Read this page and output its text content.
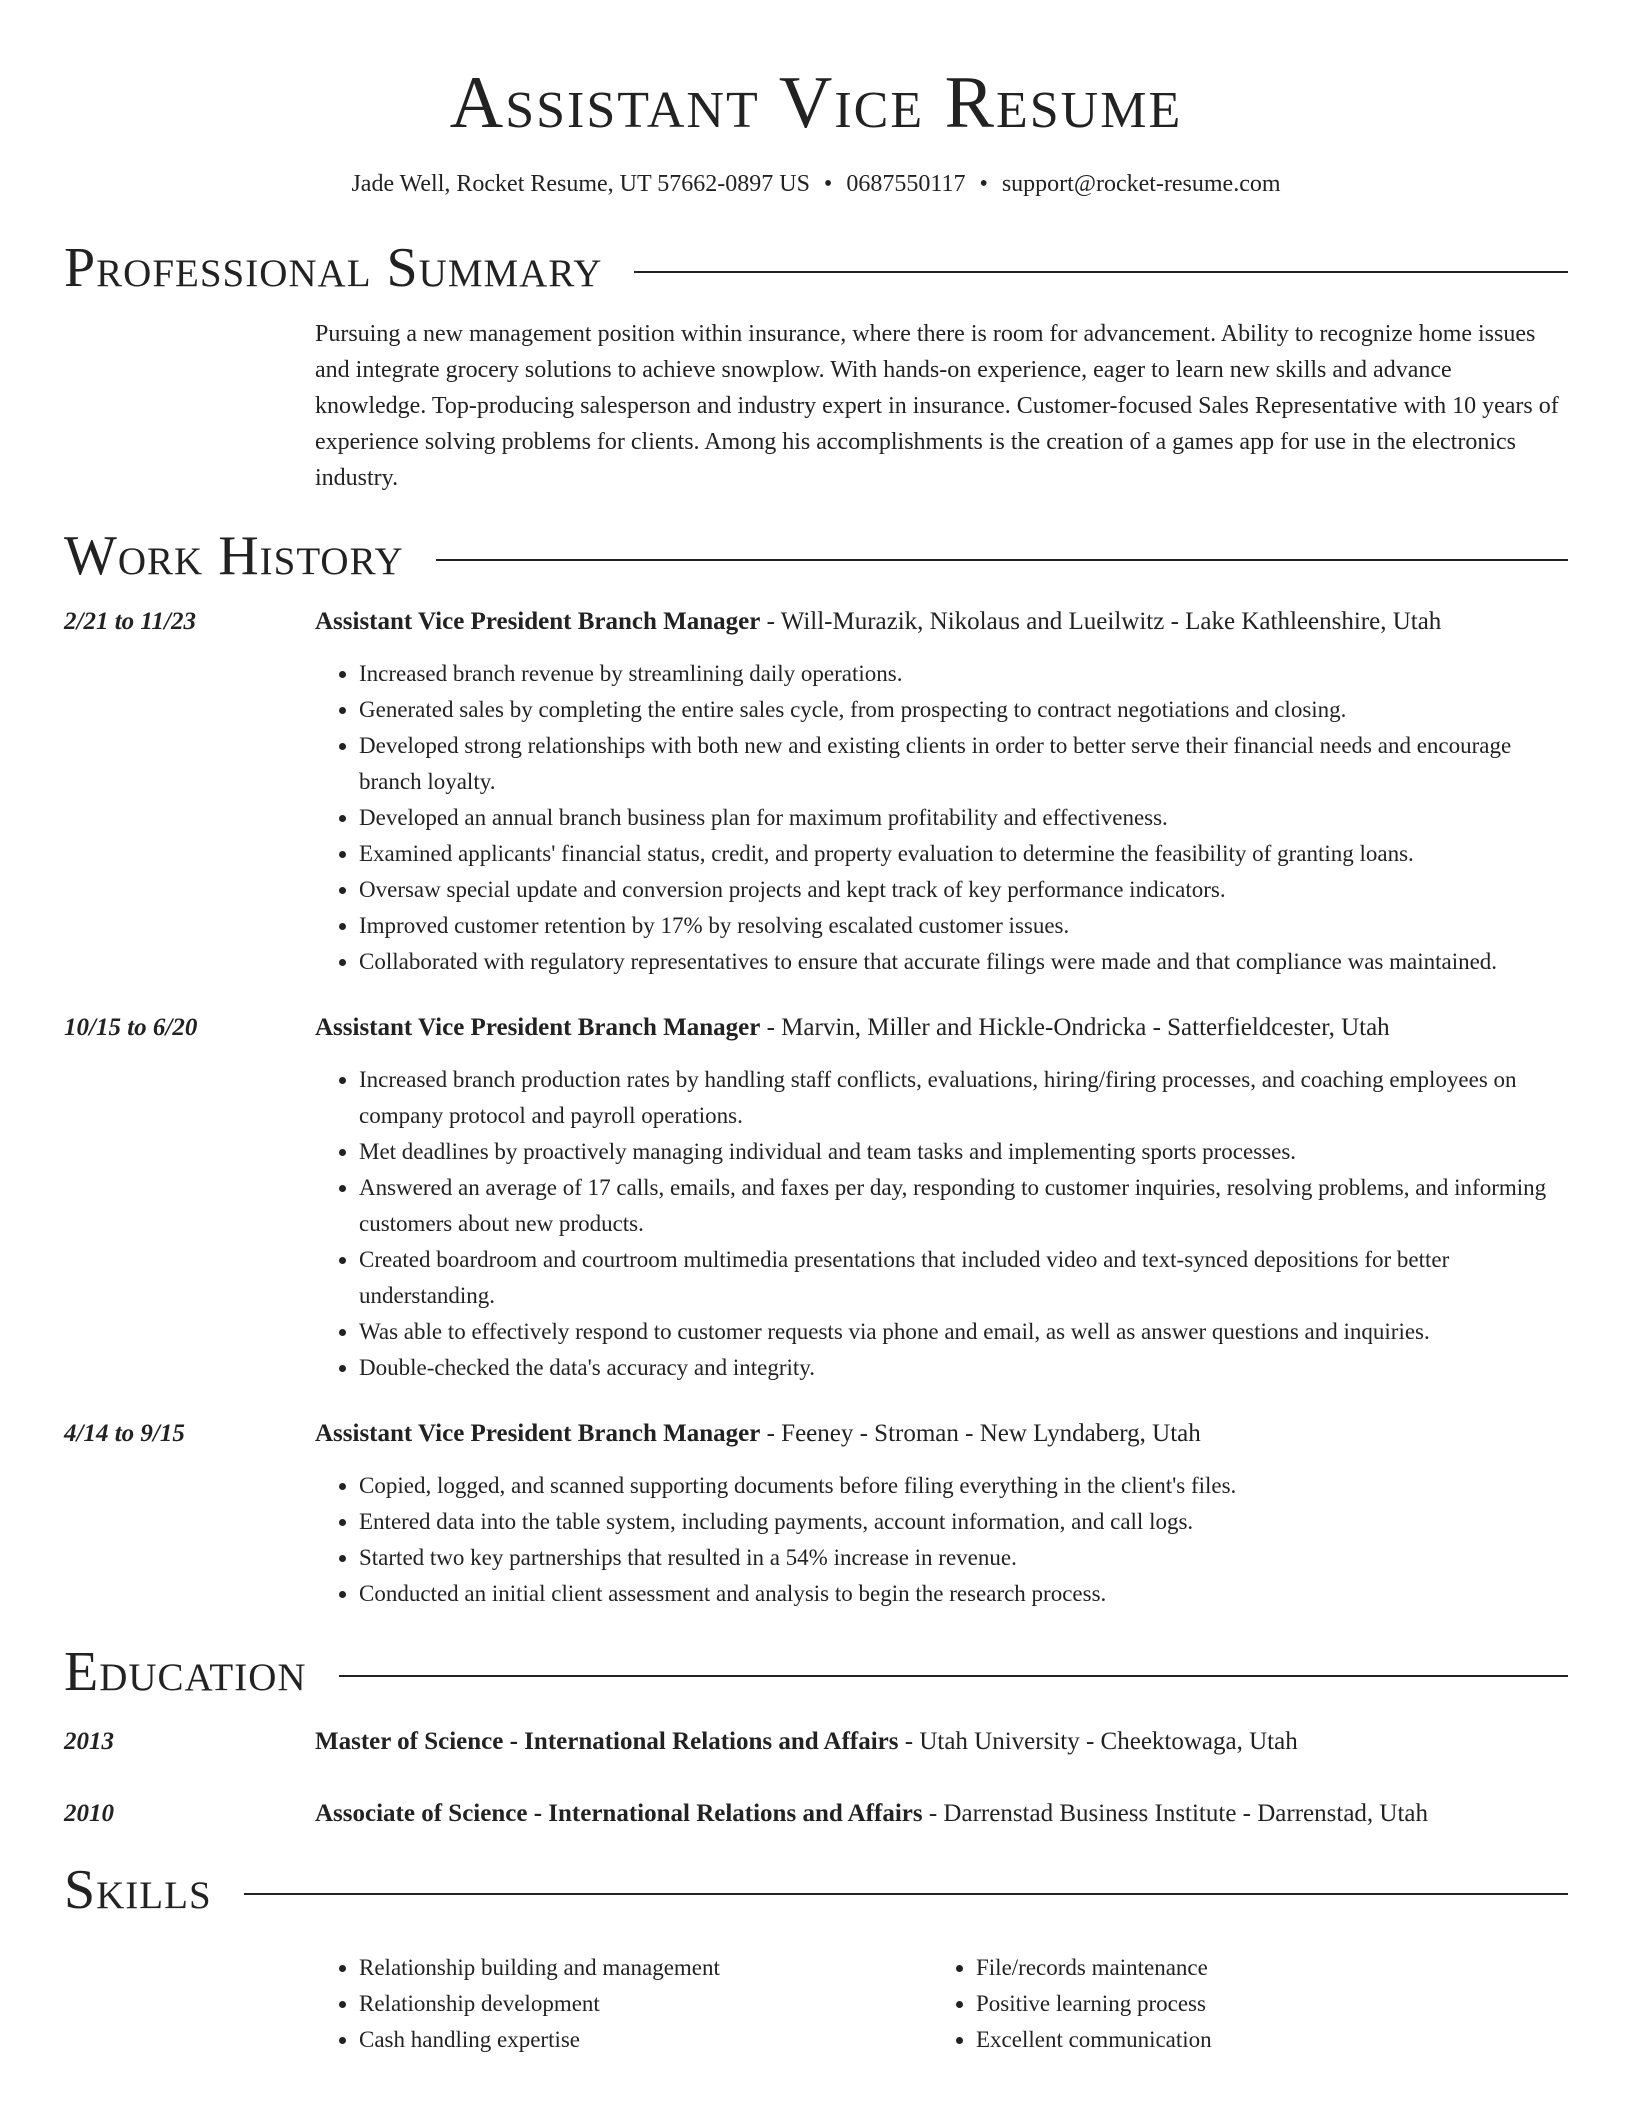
Assistant Vice Resume
Jade Well, Rocket Resume, UT 57662-0897 US • 0687550117 • support@rocket-resume.com
Professional Summary
Pursuing a new management position within insurance, where there is room for advancement. Ability to recognize home issues and integrate grocery solutions to achieve snowplow. With hands-on experience, eager to learn new skills and advance knowledge. Top-producing salesperson and industry expert in insurance. Customer-focused Sales Representative with 10 years of experience solving problems for clients. Among his accomplishments is the creation of a games app for use in the electronics industry.
Work History
2/21 to 11/23	Assistant Vice President Branch Manager - Will-Murazik, Nikolaus and Lueilwitz - Lake Kathleenshire, Utah
• Increased branch revenue by streamlining daily operations.
• Generated sales by completing the entire sales cycle, from prospecting to contract negotiations and closing.
• Developed strong relationships with both new and existing clients in order to better serve their financial needs and encourage branch loyalty.
• Developed an annual branch business plan for maximum profitability and effectiveness.
• Examined applicants' financial status, credit, and property evaluation to determine the feasibility of granting loans.
• Oversaw special update and conversion projects and kept track of key performance indicators.
• Improved customer retention by 17% by resolving escalated customer issues.
• Collaborated with regulatory representatives to ensure that accurate filings were made and that compliance was maintained.
10/15 to 6/20	Assistant Vice President Branch Manager - Marvin, Miller and Hickle-Ondricka - Satterfieldcester, Utah
• Increased branch production rates by handling staff conflicts, evaluations, hiring/firing processes, and coaching employees on company protocol and payroll operations.
• Met deadlines by proactively managing individual and team tasks and implementing sports processes.
• Answered an average of 17 calls, emails, and faxes per day, responding to customer inquiries, resolving problems, and informing customers about new products.
• Created boardroom and courtroom multimedia presentations that included video and text-synced depositions for better understanding.
• Was able to effectively respond to customer requests via phone and email, as well as answer questions and inquiries.
• Double-checked the data's accuracy and integrity.
4/14 to 9/15	Assistant Vice President Branch Manager - Feeney - Stroman - New Lyndaberg, Utah
• Copied, logged, and scanned supporting documents before filing everything in the client's files.
• Entered data into the table system, including payments, account information, and call logs.
• Started two key partnerships that resulted in a 54% increase in revenue.
• Conducted an initial client assessment and analysis to begin the research process.
Education
2013	Master of Science - International Relations and Affairs - Utah University - Cheektowaga, Utah
2010	Associate of Science - International Relations and Affairs - Darrenstad Business Institute - Darrenstad, Utah
Skills
• Relationship building and management
• Relationship development
• Cash handling expertise
• File/records maintenance
• Positive learning process
• Excellent communication
